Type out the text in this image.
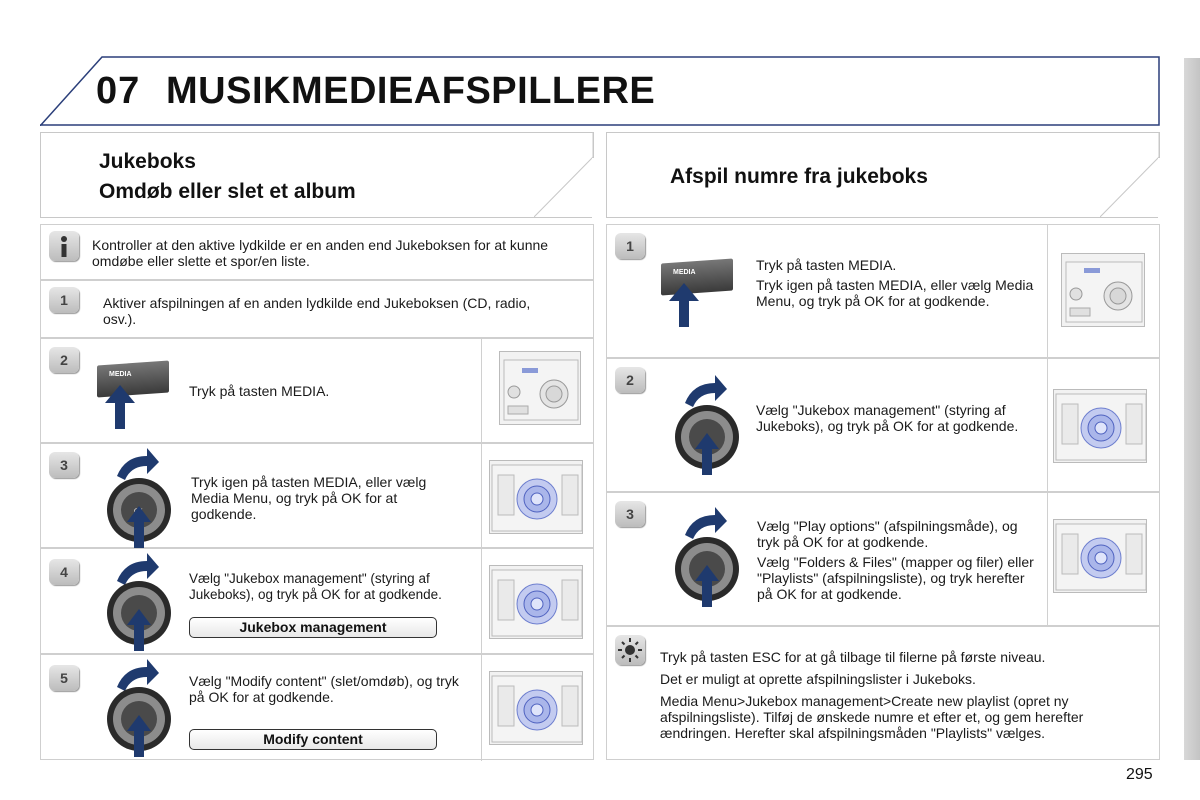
07 MUSIKMEDIEAFSPILLERE
Jukeboks
Omdøb eller slet et album
Afspil numre fra jukeboks
Kontroller at den aktive lydkilde er en anden end Jukeboksen for at kunne omdøbe eller slette et spor/en liste.
1	Aktiver afspilningen af en anden lydkilde end Jukeboksen (CD, radio, osv.).
2
MEDIA
Tryk på tasten MEDIA.
3
Tryk igen på tasten MEDIA, eller vælg Media Menu, og tryk på OK for at godkende.
4	Vælg "Jukebox management" (styring af Jukeboks), og tryk på OK for at godkende.
Jukebox management
5	Vælg "Modify content" (slet/omdøb), og tryk på OK for at godkende.
Modify content
1
MEDIA	Tryk på tasten MEDIA.

Tryk igen på tasten MEDIA, eller vælg Media Menu, og tryk på OK for at godkende.

2
Vælg "Jukebox management" (styring af Jukeboks), og tryk på OK for at godkende.
3

Vælg "Play options" (afspilningsmåde), og tryk på OK for at godkende.

Vælg "Folders & Files" (mapper og filer) eller "Playlists" (afspilningsliste), og tryk herefter på OK for at godkende.

Tryk på tasten ESC for at gå tilbage til filerne på første niveau.

Det er muligt at oprette afspilningslister i Jukeboks.

Media Menu>Jukebox management>Create new playlist (opret ny afspilningsliste). Tilføj de ønskede numre et efter et, og gem herefter ændringen. Herefter skal afspilningsmåden "Playlists" vælges.

295
